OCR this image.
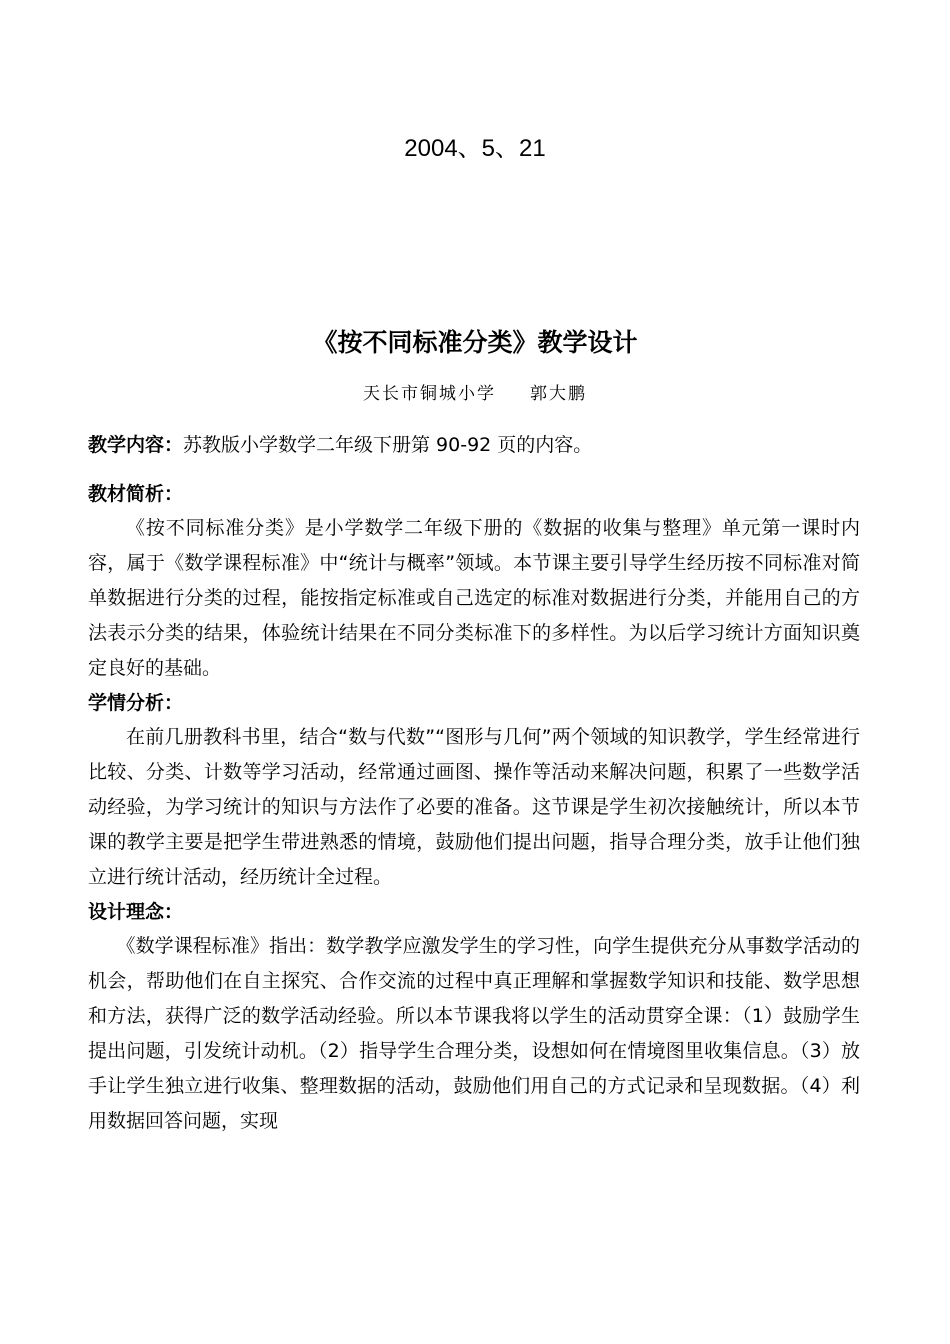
2004、5、21
《按不同标准分类》教学设计
天长市铜城小学 郭大鹏

教学内容：苏教版小学数学二年级下册第 90-92 页的内容。

教材简析：

《按不同标准分类》是小学数学二年级下册的《数据的收集与整理》单元第一课时内容，属于《数学课程标准》中“统计与概率”领域。本节课主要引导学生经历按不同标准对简单数据进行分类的过程，能按指定标准或自己选定的标准对数据进行分类，并能用自己的方法表示分类的结果，体验统计结果在不同分类标准下的多样性。为以后学习统计方面知识奠定良好的基础。

学情分析：

在前几册教科书里，结合“数与代数”“图形与几何”两个领域的知识教学，学生经常进行比较、分类、计数等学习活动，经常通过画图、操作等活动来解决问题，积累了一些数学活动经验，为学习统计的知识与方法作了必要的准备。这节课是学生初次接触统计，所以本节课的教学主要是把学生带进熟悉的情境，鼓励他们提出问题，指导合理分类，放手让他们独立进行统计活动，经历统计全过程。

设计理念：

《数学课程标准》指出：数学教学应激发学生的学习性，向学生提供充分从事数学活动的机会，帮助他们在自主探究、合作交流的过程中真正理解和掌握数学知识和技能、数学思想和方法，获得广泛的数学活动经验。所以本节课我将以学生的活动贯穿全课：（1）鼓励学生提出问题，引发统计动机。（2）指导学生合理分类，设想如何在情境图里收集信息。（3）放手让学生独立进行收集、整理数据的活动，鼓励他们用自己的方式记录和呈现数据。（4）利用数据回答问题，实现
